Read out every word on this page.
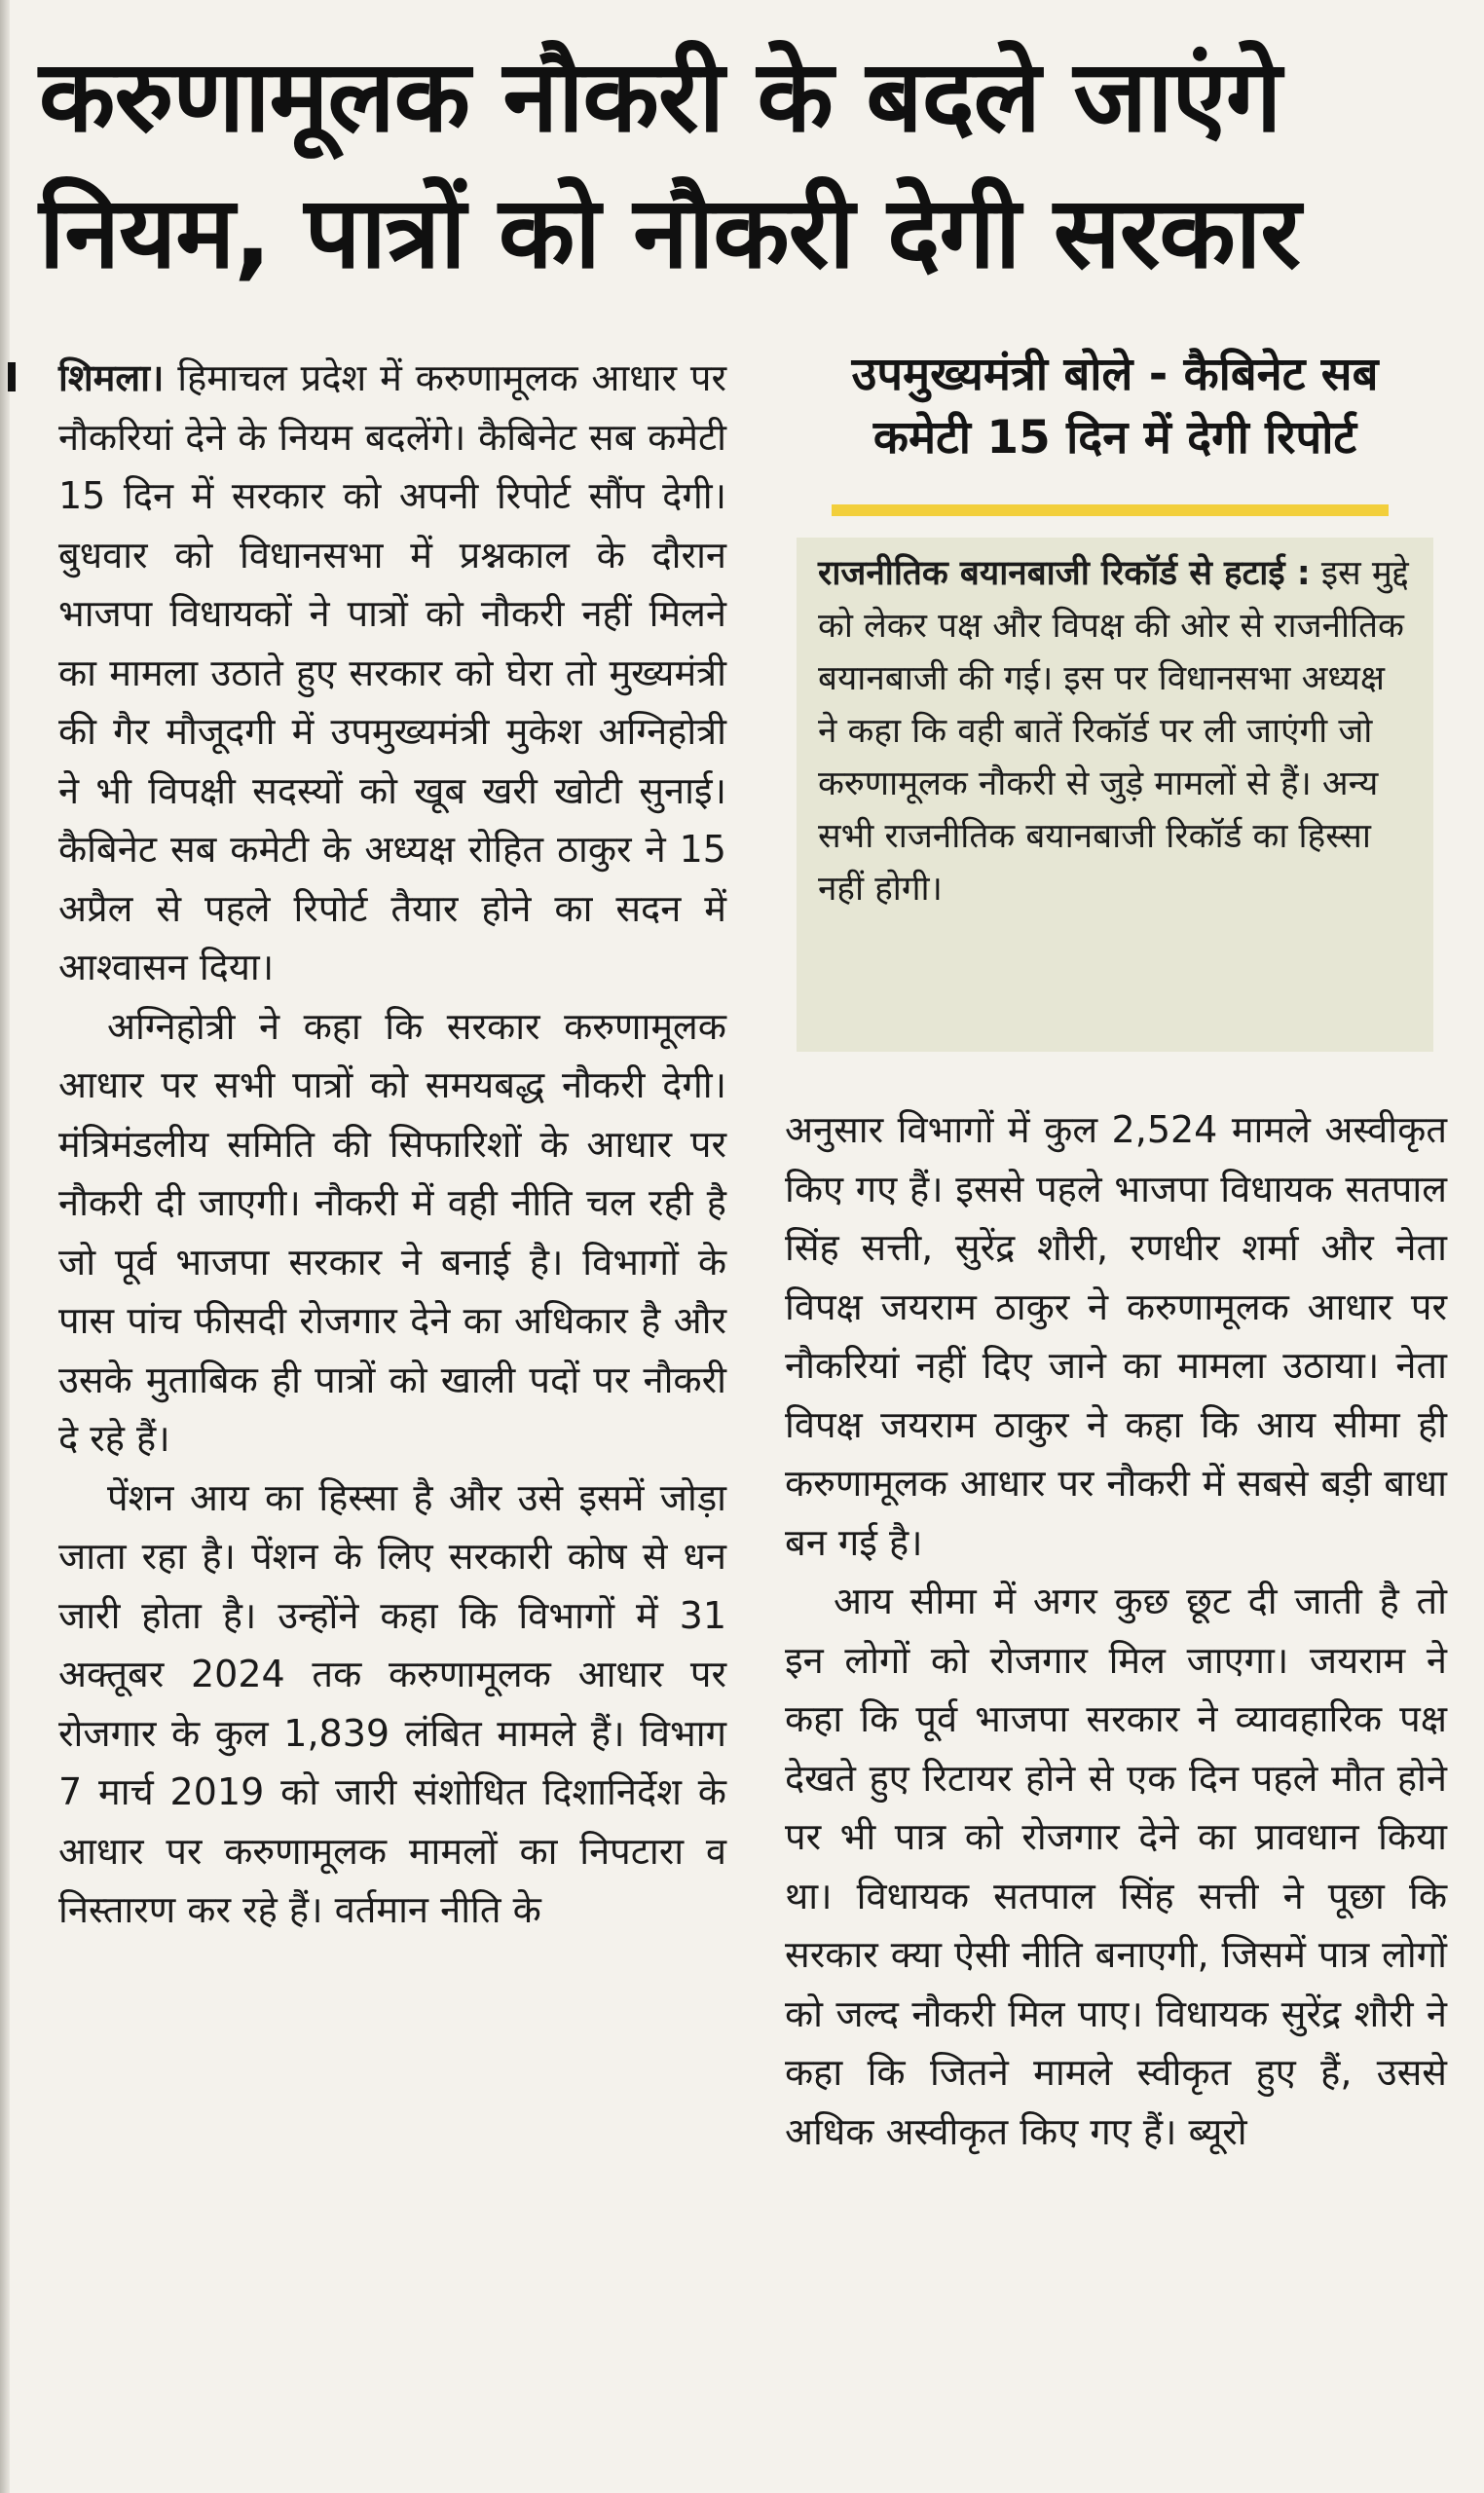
करुणामूलक नौकरी के बदले जाएंगे
नियम, पात्रों को नौकरी देगी सरकार

शिमला। हिमाचल प्रदेश में करुणामूलक आधार पर नौकरियां देने के नियम बदलेंगे। कैबिनेट सब कमेटी 15 दिन में सरकार को अपनी रिपोर्ट सौंप देगी। बुधवार को विधानसभा में प्रश्नकाल के दौरान भाजपा विधायकों ने पात्रों को नौकरी नहीं मिलने का मामला उठाते हुए सरकार को घेरा तो मुख्यमंत्री की गैर मौजूदगी में उपमुख्यमंत्री मुकेश अग्निहोत्री ने भी विपक्षी सदस्यों को खूब खरी खोटी सुनाई। कैबिनेट सब कमेटी के अध्यक्ष रोहित ठाकुर ने 15 अप्रैल से पहले रिपोर्ट तैयार होने का सदन में आश्वासन दिया।

अग्निहोत्री ने कहा कि सरकार करुणामूलक आधार पर सभी पात्रों को समयबद्ध नौकरी देगी। मंत्रिमंडलीय समिति की सिफारिशों के आधार पर नौकरी दी जाएगी। नौकरी में वही नीति चल रही है जो पूर्व भाजपा सरकार ने बनाई है। विभागों के पास पांच फीसदी रोजगार देने का अधिकार है और उसके मुताबिक ही पात्रों को खाली पदों पर नौकरी दे रहे हैं।

पेंशन आय का हिस्सा है और उसे इसमें जोड़ा जाता रहा है। पेंशन के लिए सरकारी कोष से धन जारी होता है। उन्होंने कहा कि विभागों में 31 अक्तूबर 2024 तक करुणामूलक आधार पर रोजगार के कुल 1,839 लंबित मामले हैं। विभाग 7 मार्च 2019 को जारी संशोधित दिशानिर्देश के आधार पर करुणामूलक मामलों का निपटारा व निस्तारण कर रहे हैं। वर्तमान नीति के

उपमुख्यमंत्री बोले - कैबिनेट सब
कमेटी 15 दिन में देगी रिपोर्ट

राजनीतिक बयानबाजी रिकॉर्ड से हटाई : इस मुद्दे को लेकर पक्ष और विपक्ष की ओर से राजनीतिक बयानबाजी की गई। इस पर विधानसभा अध्यक्ष ने कहा कि वही बातें रिकॉर्ड पर ली जाएंगी जो करुणामूलक नौकरी से जुड़े मामलों से हैं। अन्य सभी राजनीतिक बयानबाजी रिकॉर्ड का हिस्सा नहीं होगी।

अनुसार विभागों में कुल 2,524 मामले अस्वीकृत किए गए हैं। इससे पहले भाजपा विधायक सतपाल सिंह सत्ती, सुरेंद्र शौरी, रणधीर शर्मा और नेता विपक्ष जयराम ठाकुर ने करुणामूलक आधार पर नौकरियां नहीं दिए जाने का मामला उठाया। नेता विपक्ष जयराम ठाकुर ने कहा कि आय सीमा ही करुणामूलक आधार पर नौकरी में सबसे बड़ी बाधा बन गई है।

आय सीमा में अगर कुछ छूट दी जाती है तो इन लोगों को रोजगार मिल जाएगा। जयराम ने कहा कि पूर्व भाजपा सरकार ने व्यावहारिक पक्ष देखते हुए रिटायर होने से एक दिन पहले मौत होने पर भी पात्र को रोजगार देने का प्रावधान किया था। विधायक सतपाल सिंह सत्ती ने पूछा कि सरकार क्या ऐसी नीति बनाएगी, जिसमें पात्र लोगों को जल्द नौकरी मिल पाए। विधायक सुरेंद्र शौरी ने कहा कि जितने मामले स्वीकृत हुए हैं, उससे अधिक अस्वीकृत किए गए हैं। ब्यूरो
